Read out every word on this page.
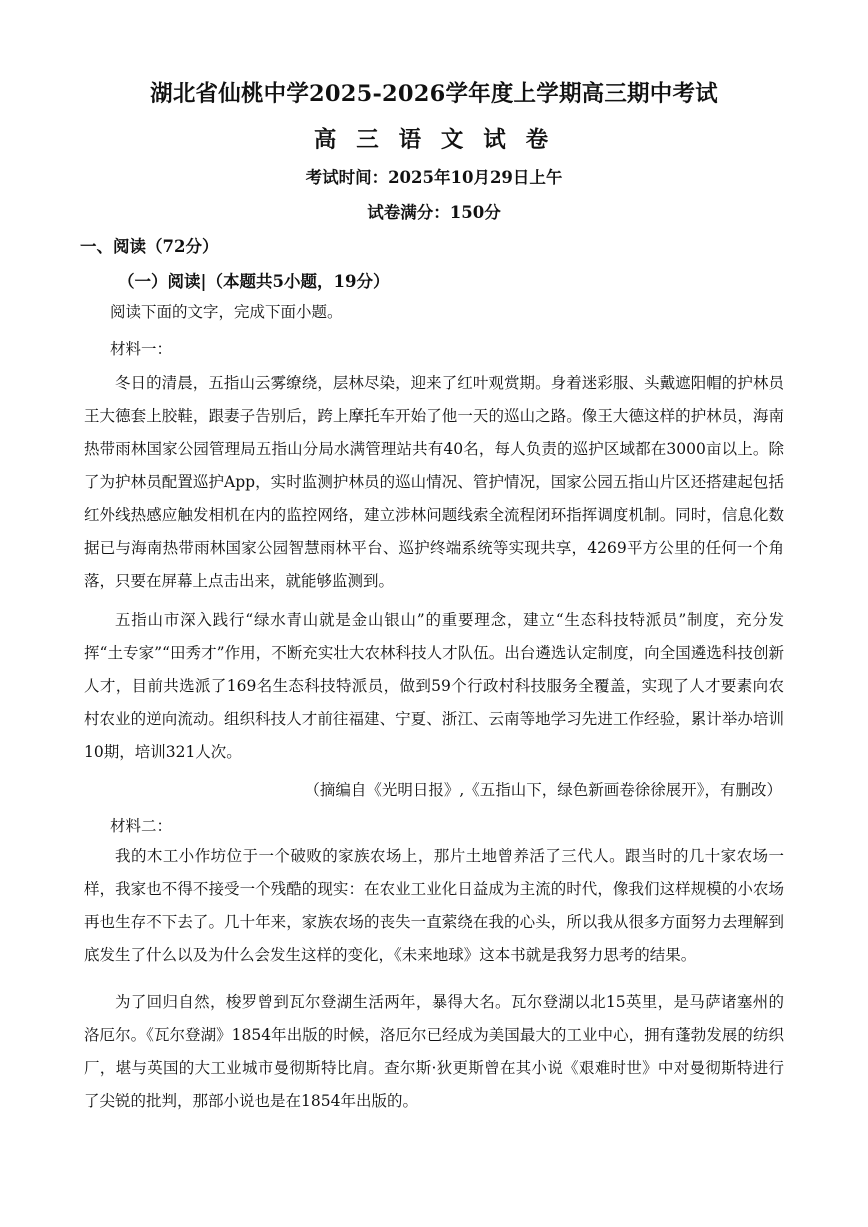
湖北省仙桃中学2025-2026学年度上学期高三期中考试
高 三 语 文 试 卷
考试时间：2025年10月29日上午
试卷满分：150分
一、阅读（72分）
（一）阅读|（本题共5小题，19分）
阅读下面的文字，完成下面小题。
材料一：
冬日的清晨，五指山云雾缭绕，层林尽染，迎来了红叶观赏期。身着迷彩服、头戴遮阳帽的护林员王大德套上胶鞋，跟妻子告别后，跨上摩托车开始了他一天的巡山之路。像王大德这样的护林员，海南热带雨林国家公园管理局五指山分局水满管理站共有40名，每人负责的巡护区域都在3000亩以上。除了为护林员配置巡护App，实时监测护林员的巡山情况、管护情况，国家公园五指山片区还搭建起包括红外线热感应触发相机在内的监控网络，建立涉林问题线索全流程闭环指挥调度机制。同时，信息化数据已与海南热带雨林国家公园智慧雨林平台、巡护终端系统等实现共享，4269平方公里的任何一个角落，只要在屏幕上点击出来，就能够监测到。
五指山市深入践行“绿水青山就是金山银山”的重要理念，建立“生态科技特派员”制度，充分发挥“土专家”“田秀才”作用，不断充实壮大农林科技人才队伍。出台遴选认定制度，向全国遴选科技创新人才，目前共选派了169名生态科技特派员，做到59个行政村科技服务全覆盖，实现了人才要素向农村农业的逆向流动。组织科技人才前往福建、宁夏、浙江、云南等地学习先进工作经验，累计举办培训10期，培训321人次。
（摘编自《光明日报》,《五指山下，绿色新画卷徐徐展开》，有删改）
材料二：
我的木工小作坊位于一个破败的家族农场上，那片土地曾养活了三代人。跟当时的几十家农场一样，我家也不得不接受一个残酷的现实：在农业工业化日益成为主流的时代，像我们这样规模的小农场再也生存不下去了。几十年来，家族农场的丧失一直萦绕在我的心头，所以我从很多方面努力去理解到底发生了什么以及为什么会发生这样的变化，《未来地球》这本书就是我努力思考的结果。
为了回归自然，梭罗曾到瓦尔登湖生活两年，暴得大名。瓦尔登湖以北15英里，是马萨诸塞州的洛厄尔。《瓦尔登湖》1854年出版的时候，洛厄尔已经成为美国最大的工业中心，拥有蓬勃发展的纺织厂，堪与英国的大工业城市曼彻斯特比肩。查尔斯·狄更斯曾在其小说《艰难时世》中对曼彻斯特进行了尖锐的批判，那部小说也是在1854年出版的。
